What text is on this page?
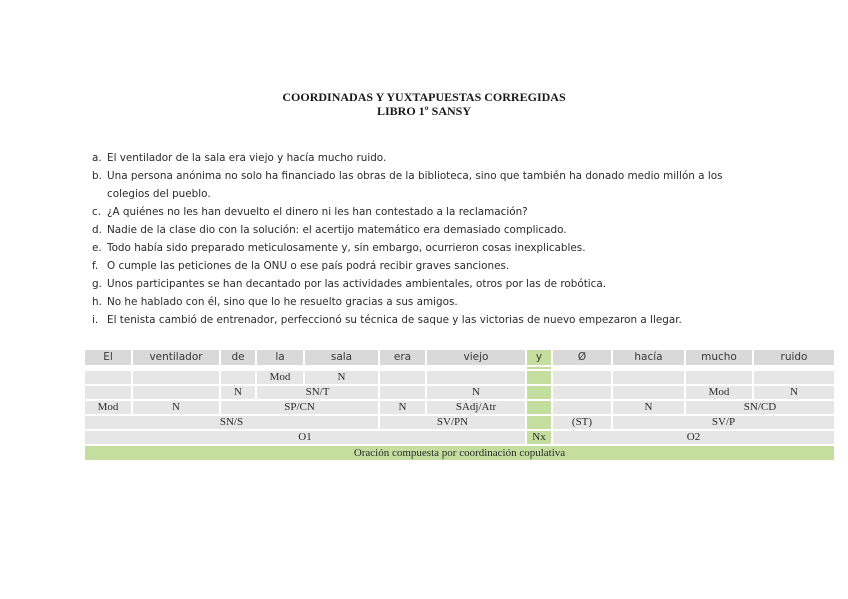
COORDINADAS Y YUXTAPUESTAS CORREGIDAS
LIBRO 1º SANSY
a. El ventilador de la sala era viejo y hacía mucho ruido.
b. Una persona anónima no solo ha financiado las obras de la biblioteca, sino que también ha donado medio millón a los colegios del pueblo.
c. ¿A quiénes no les han devuelto el dinero ni les han contestado a la reclamación?
d. Nadie de la clase dio con la solución: el acertijo matemático era demasiado complicado.
e. Todo había sido preparado meticulosamente y, sin embargo, ocurrieron cosas inexplicables.
f. O cumple las peticiones de la ONU o ese país podrá recibir graves sanciones.
g. Unos participantes se han decantado por las actividades ambientales, otros por las de robótica.
h. No he hablado con él, sino que lo he resuelto gracias a sus amigos.
i. El tenista cambió de entrenador, perfeccionó su técnica de saque y las victorias de nuevo empezaron a llegar.
El	ventilador	de	la	sala	era	viejo	y	Ø	hacía	mucho	ruido

			Mod	N							
		N	SN/T			N				Mod	N
Mod	N	SP/CN			N	SAdj/Atr			N	SN/CD	
SN/S					SV/PN			(ST)	SV/P		
O1							Nx	O2			
Oración compuesta por coordinación copulativa											
